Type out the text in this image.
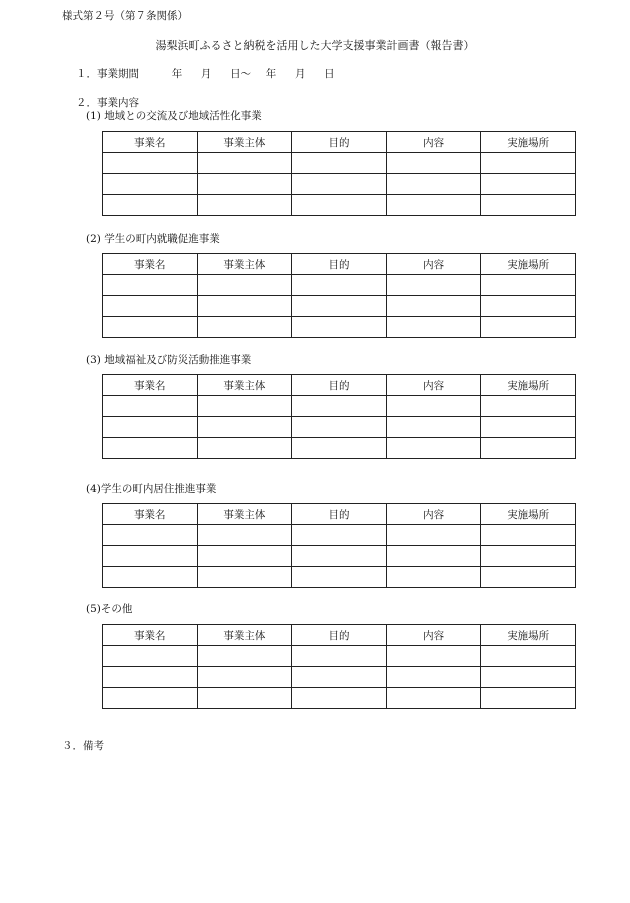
様式第２号（第７条関係）
湯梨浜町ふるさと納税を活用した大学支援事業計画書（報告書）
１．事業期間	年 月 日〜 年 月 日
２．事業内容
(1) 地域との交流及び地域活性化事業
事業名	事業主体	目的	内容	実施場所

(2) 学生の町内就職促進事業
事業名	事業主体	目的	内容	実施場所

(3) 地域福祉及び防災活動推進事業
事業名	事業主体	目的	内容	実施場所

(4)学生の町内居住推進事業
事業名	事業主体	目的	内容	実施場所

(5)その他
事業名	事業主体	目的	内容	実施場所

３．備考
